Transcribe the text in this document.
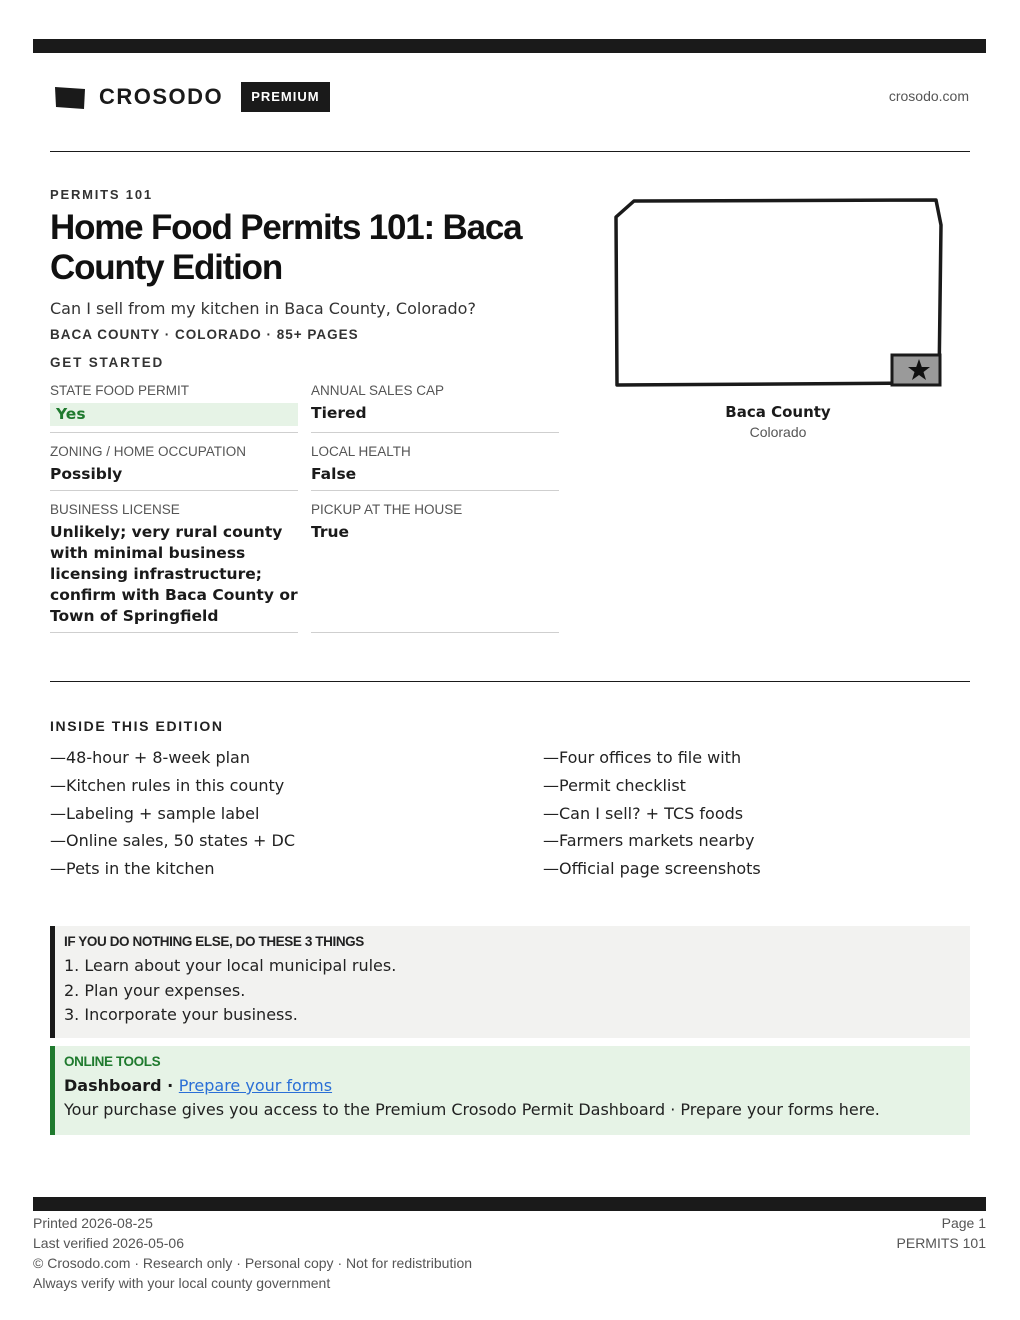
CROSODO	PREMIUM	crosodo.com
PERMITS 101
Home Food Permits 101: Baca County Edition
Can I sell from my kitchen in Baca County, Colorado?
BACA COUNTY · COLORADO · 85+ PAGES
GET STARTED
STATE FOOD PERMIT
Yes
ANNUAL SALES CAP
Tiered
ZONING / HOME OCCUPATION
Possibly
LOCAL HEALTH
False
BUSINESS LICENSE
Unlikely; very rural county with minimal business licensing infrastructure; confirm with Baca County or Town of Springfield
PICKUP AT THE HOUSE
True
Baca County
Colorado
INSIDE THIS EDITION
—48-hour + 8-week plan
—Kitchen rules in this county
—Labeling + sample label
—Online sales, 50 states + DC
—Pets in the kitchen
—Four offices to file with
—Permit checklist
—Can I sell? + TCS foods
—Farmers markets nearby
—Official page screenshots
IF YOU DO NOTHING ELSE, DO THESE 3 THINGS
1. Learn about your local municipal rules.
2. Plan your expenses.
3. Incorporate your business.
ONLINE TOOLS
Dashboard · Prepare your forms
Your purchase gives you access to the Premium Crosodo Permit Dashboard · Prepare your forms here.
Printed 2026-08-25
Last verified 2026-05-06
© Crosodo.com · Research only · Personal copy · Not for redistribution
Always verify with your local county government
Page 1
PERMITS 101
